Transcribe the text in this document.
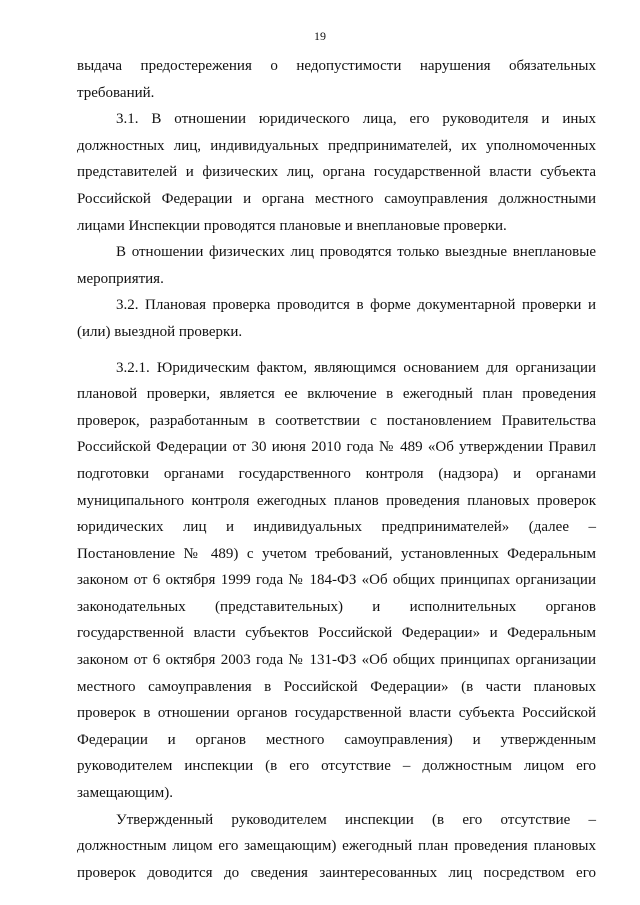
19

выдача предостережения о недопустимости нарушения обязательных требований.

3.1. В отношении юридического лица, его руководителя и иных должностных лиц, индивидуальных предпринимателей, их уполномоченных представителей и физических лиц, органа государственной власти субъекта Российской Федерации и органа местного самоуправления должностными лицами Инспекции проводятся плановые и внеплановые проверки.

В отношении физических лиц проводятся только выездные внеплановые мероприятия.

3.2. Плановая проверка проводится в форме документарной проверки и (или) выездной проверки.

3.2.1. Юридическим фактом, являющимся основанием для организации плановой проверки, является ее включение в ежегодный план проведения проверок, разработанным в соответствии с постановлением Правительства Российской Федерации от 30 июня 2010 года № 489 «Об утверждении Правил подготовки органами государственного контроля (надзора) и органами муниципального контроля ежегодных планов проведения плановых проверок юридических лиц и индивидуальных предпринимателей» (далее – Постановление № 489) с учетом требований, установленных Федеральным законом от 6 октября 1999 года № 184-ФЗ «Об общих принципах организации законодательных (представительных) и исполнительных органов государственной власти субъектов Российской Федерации» и Федеральным законом от 6 октября 2003 года № 131-ФЗ «Об общих принципах организации местного самоуправления в Российской Федерации» (в части плановых проверок в отношении органов государственной власти субъекта Российской Федерации и органов местного самоуправления) и утвержденным руководителем инспекции (в его отсутствие – должностным лицом его замещающим).

Утвержденный руководителем инспекции (в его отсутствие – должностным лицом его замещающим) ежегодный план проведения плановых проверок доводится до сведения заинтересованных лиц посредством его
